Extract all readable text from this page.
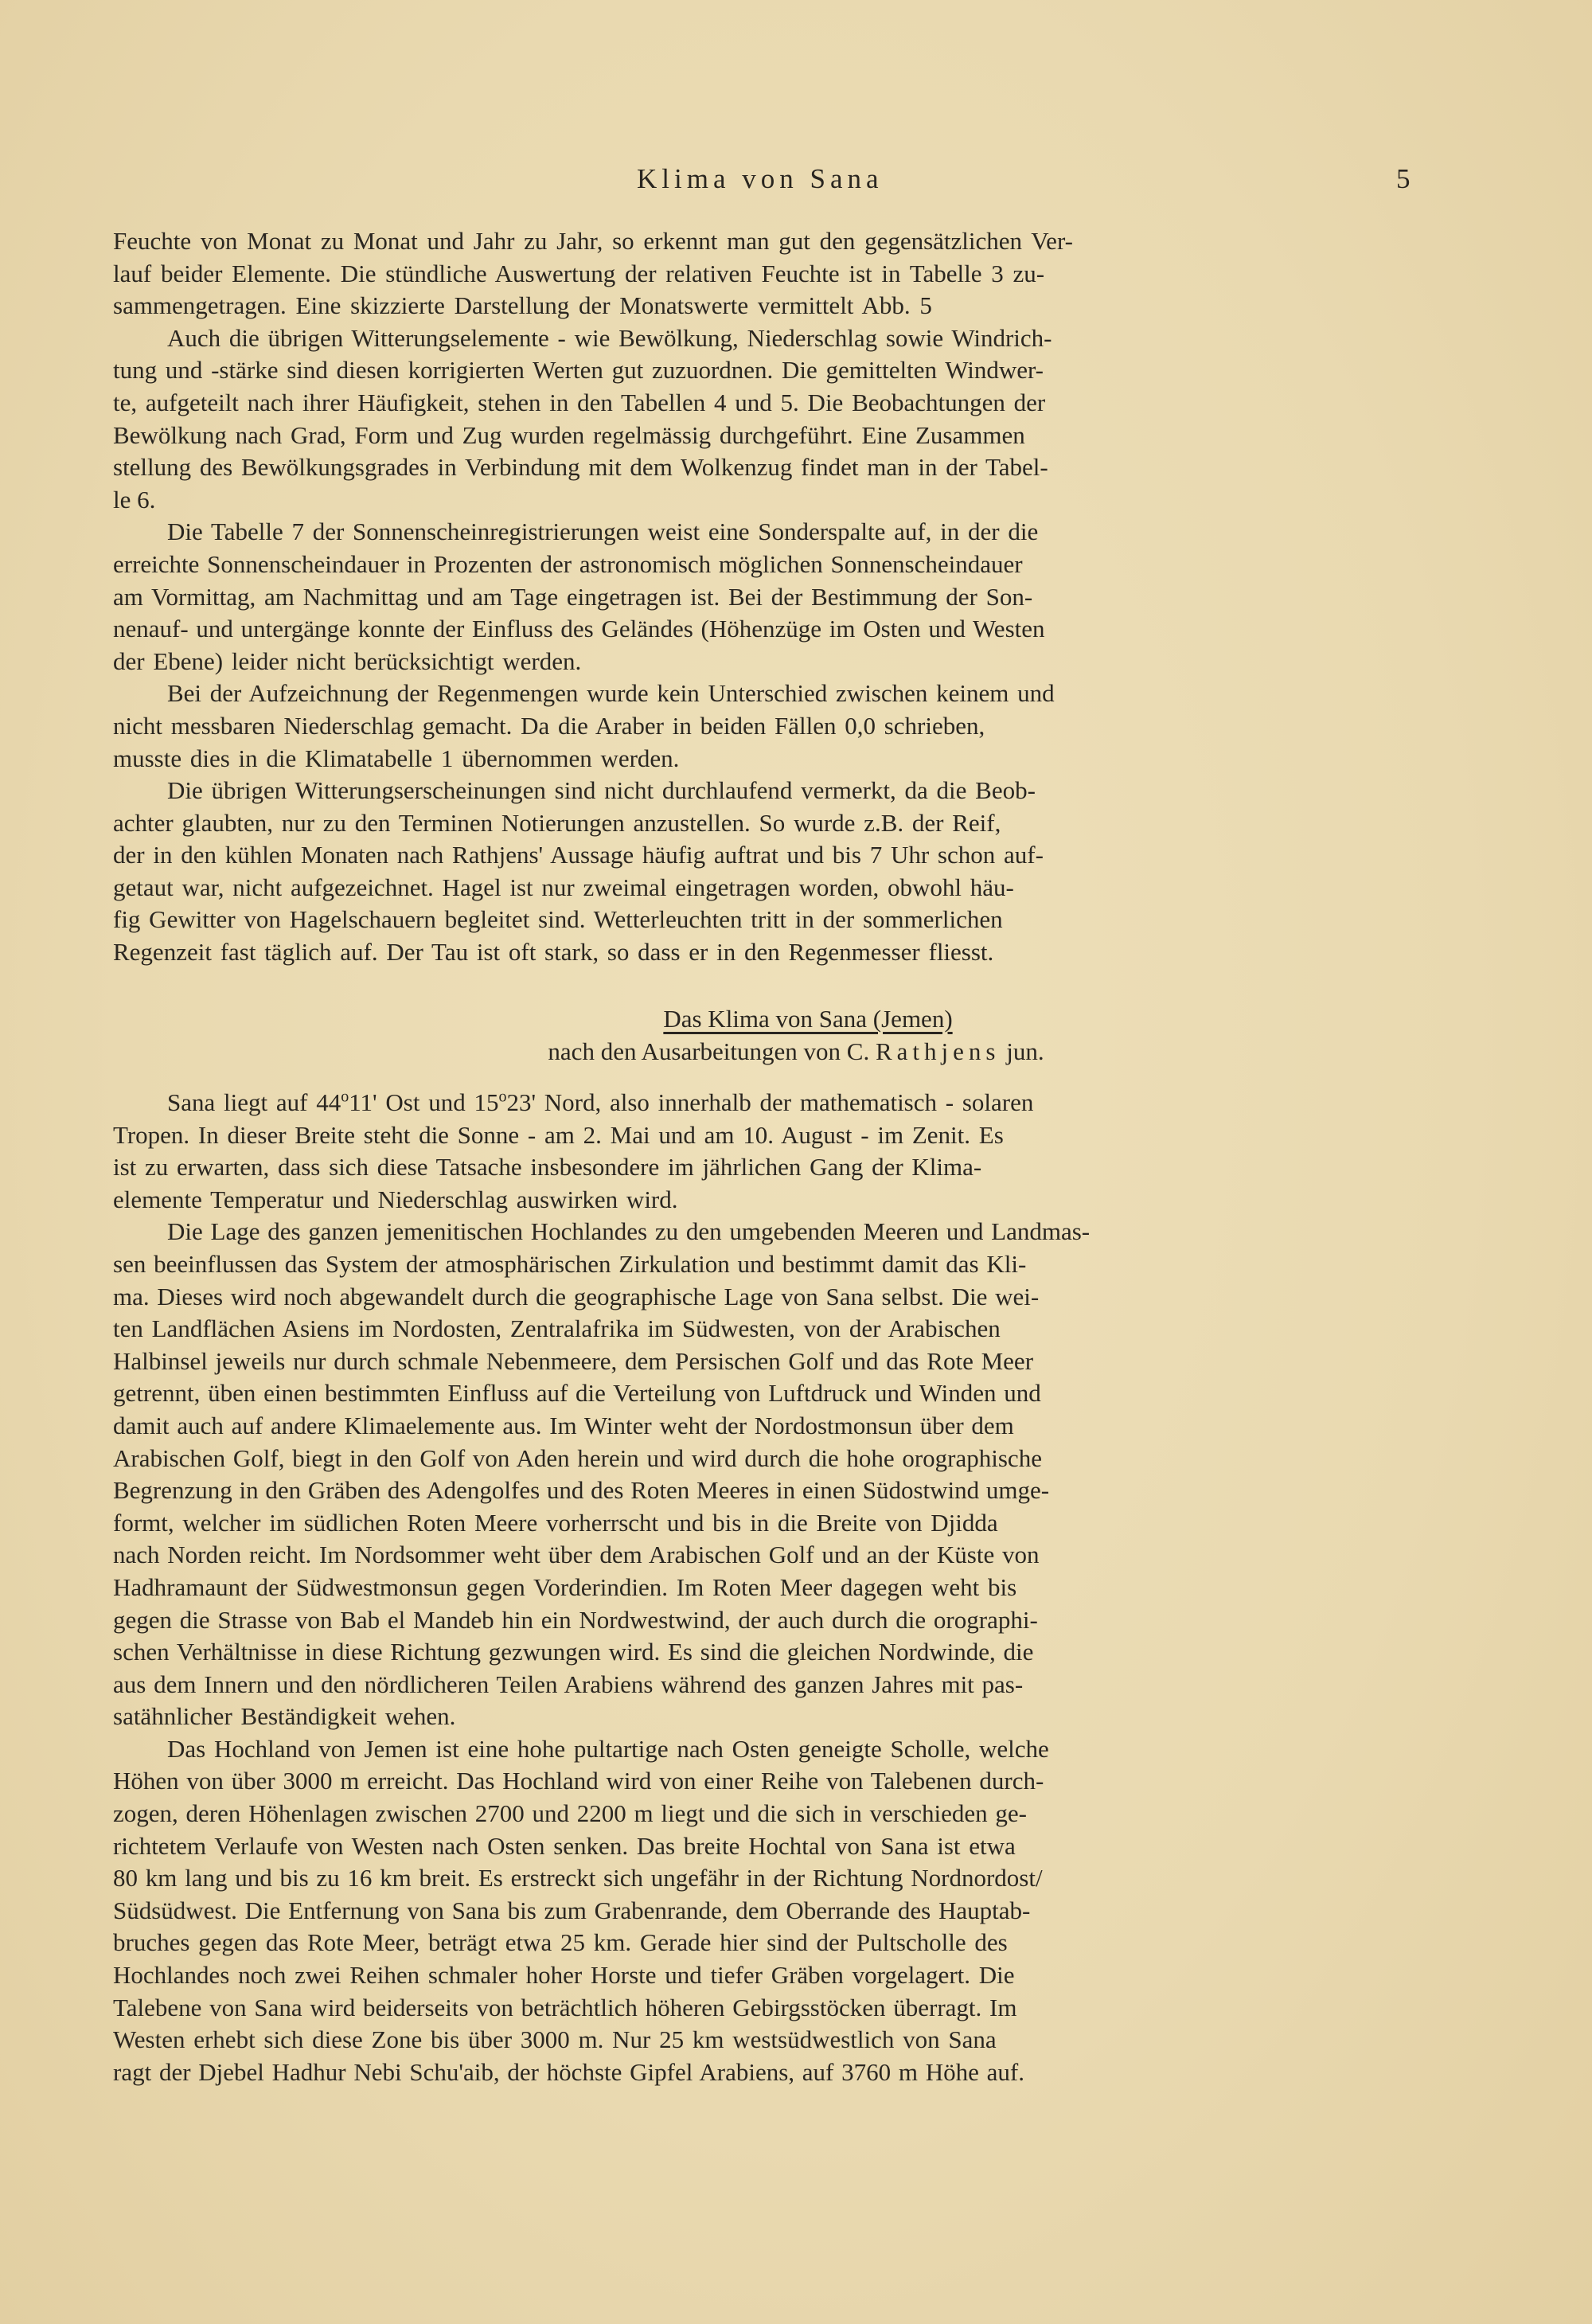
Klima von Sana	5
Feuchte von Monat zu Monat und Jahr zu Jahr, so erkennt man gut den gegensätzlichen Ver-
lauf beider Elemente. Die stündliche Auswertung der relativen Feuchte ist in Tabelle 3 zu-
sammengetragen. Eine skizzierte Darstellung der Monatswerte vermittelt Abb. 5
Auch die übrigen Witterungselemente - wie Bewölkung, Niederschlag sowie Windrich-
tung und -stärke sind diesen korrigierten Werten gut zuzuordnen. Die gemittelten Windwer-
te, aufgeteilt nach ihrer Häufigkeit, stehen in den Tabellen 4 und 5. Die Beobachtungen der
Bewölkung nach Grad, Form und Zug wurden regelmässig durchgeführt. Eine Zusammen
stellung des Bewölkungsgrades in Verbindung mit dem Wolkenzug findet man in der Tabel-
le 6.
Die Tabelle 7 der Sonnenscheinregistrierungen weist eine Sonderspalte auf, in der die
erreichte Sonnenscheindauer in Prozenten der astronomisch möglichen Sonnenscheindauer
am Vormittag, am Nachmittag und am Tage eingetragen ist. Bei der Bestimmung der Son-
nenauf- und untergänge konnte der Einfluss des Geländes (Höhenzüge im Osten und Westen
der Ebene) leider nicht berücksichtigt werden.
Bei der Aufzeichnung der Regenmengen wurde kein Unterschied zwischen keinem und
nicht messbaren Niederschlag gemacht. Da die Araber in beiden Fällen 0,0 schrieben,
musste dies in die Klimatabelle 1 übernommen werden.
Die übrigen Witterungserscheinungen sind nicht durchlaufend vermerkt, da die Beob-
achter glaubten, nur zu den Terminen Notierungen anzustellen. So wurde z.B. der Reif,
der in den kühlen Monaten nach Rathjens' Aussage häufig auftrat und bis 7 Uhr schon auf-
getaut war, nicht aufgezeichnet. Hagel ist nur zweimal eingetragen worden, obwohl häu-
fig Gewitter von Hagelschauern begleitet sind. Wetterleuchten tritt in der sommerlichen
Regenzeit fast täglich auf. Der Tau ist oft stark, so dass er in den Regenmesser fliesst.
Das Klima von Sana (Jemen)
nach den Ausarbeitungen von C. Rathjens jun.
Sana liegt auf 44$^o$11' Ost und 15$^o$23' Nord, also innerhalb der mathematisch - solaren
Tropen. In dieser Breite steht die Sonne - am 2. Mai und am 10. August - im Zenit. Es
ist zu erwarten, dass sich diese Tatsache insbesondere im jährlichen Gang der Klima-
elemente Temperatur und Niederschlag auswirken wird.
Die Lage des ganzen jemenitischen Hochlandes zu den umgebenden Meeren und Landmas-
sen beeinflussen das System der atmosphärischen Zirkulation und bestimmt damit das Kli-
ma. Dieses wird noch abgewandelt durch die geographische Lage von Sana selbst. Die wei-
ten Landflächen Asiens im Nordosten, Zentralafrika im Südwesten, von der Arabischen
Halbinsel jeweils nur durch schmale Nebenmeere, dem Persischen Golf und das Rote Meer
getrennt, üben einen bestimmten Einfluss auf die Verteilung von Luftdruck und Winden und
damit auch auf andere Klimaelemente aus. Im Winter weht der Nordostmonsun über dem
Arabischen Golf, biegt in den Golf von Aden herein und wird durch die hohe orographische
Begrenzung in den Gräben des Adengolfes und des Roten Meeres in einen Südostwind umge-
formt, welcher im südlichen Roten Meere vorherrscht und bis in die Breite von Djidda
nach Norden reicht. Im Nordsommer weht über dem Arabischen Golf und an der Küste von
Hadhramaunt der Südwestmonsun gegen Vorderindien. Im Roten Meer dagegen weht bis
gegen die Strasse von Bab el Mandeb hin ein Nordwestwind, der auch durch die orographi-
schen Verhältnisse in diese Richtung gezwungen wird. Es sind die gleichen Nordwinde, die
aus dem Innern und den nördlicheren Teilen Arabiens während des ganzen Jahres mit pas-
satähnlicher Beständigkeit wehen.
Das Hochland von Jemen ist eine hohe pultartige nach Osten geneigte Scholle, welche
Höhen von über 3000 m erreicht. Das Hochland wird von einer Reihe von Talebenen durch-
zogen, deren Höhenlagen zwischen 2700 und 2200 m liegt und die sich in verschieden ge-
richtetem Verlaufe von Westen nach Osten senken. Das breite Hochtal von Sana ist etwa
80 km lang und bis zu 16 km breit. Es erstreckt sich ungefähr in der Richtung Nordnordost/
Südsüdwest. Die Entfernung von Sana bis zum Grabenrande, dem Oberrande des Hauptab-
bruches gegen das Rote Meer, beträgt etwa 25 km. Gerade hier sind der Pultscholle des
Hochlandes noch zwei Reihen schmaler hoher Horste und tiefer Gräben vorgelagert. Die
Talebene von Sana wird beiderseits von beträchtlich höheren Gebirgsstöcken überragt. Im
Westen erhebt sich diese Zone bis über 3000 m. Nur 25 km westsüdwestlich von Sana
ragt der Djebel Hadhur Nebi Schu'aib, der höchste Gipfel Arabiens, auf 3760 m Höhe auf.
